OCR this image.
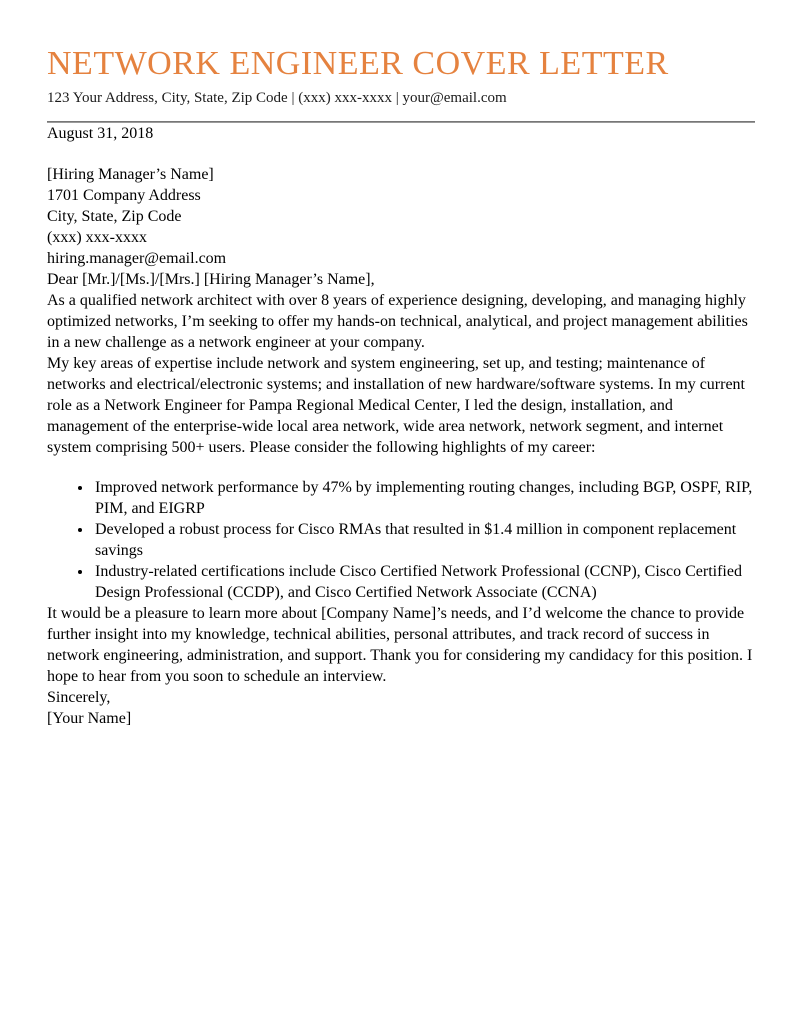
NETWORK ENGINEER COVER LETTER

123 Your Address, City, State, Zip Code | (xxx) xxx-xxxx | your@email.com

August 31, 2018

[Hiring Manager’s Name]

1701 Company Address

City, State, Zip Code

(xxx) xxx-xxxx

hiring.manager@email.com

Dear [Mr.]/[Ms.]/[Mrs.] [Hiring Manager’s Name],

As a qualified network architect with over 8 years of experience designing, developing, and managing highly optimized networks, I’m seeking to offer my hands-on technical, analytical, and project management abilities in a new challenge as a network engineer at your company.

My key areas of expertise include network and system engineering, set up, and testing; maintenance of networks and electrical/electronic systems; and installation of new hardware/software systems. In my current role as a Network Engineer for Pampa Regional Medical Center, I led the design, installation, and management of the enterprise-wide local area network, wide area network, network segment, and internet system comprising 500+ users. Please consider the following highlights of my career:

• Improved network performance by 47% by implementing routing changes, including BGP, OSPF, RIP, PIM, and EIGRP
• Developed a robust process for Cisco RMAs that resulted in $1.4 million in component replacement savings
• Industry-related certifications include Cisco Certified Network Professional (CCNP), Cisco Certified Design Professional (CCDP), and Cisco Certified Network Associate (CCNA)

It would be a pleasure to learn more about [Company Name]’s needs, and I’d welcome the chance to provide further insight into my knowledge, technical abilities, personal attributes, and track record of success in network engineering, administration, and support. Thank you for considering my candidacy for this position. I hope to hear from you soon to schedule an interview.

Sincerely,

[Your Name]
